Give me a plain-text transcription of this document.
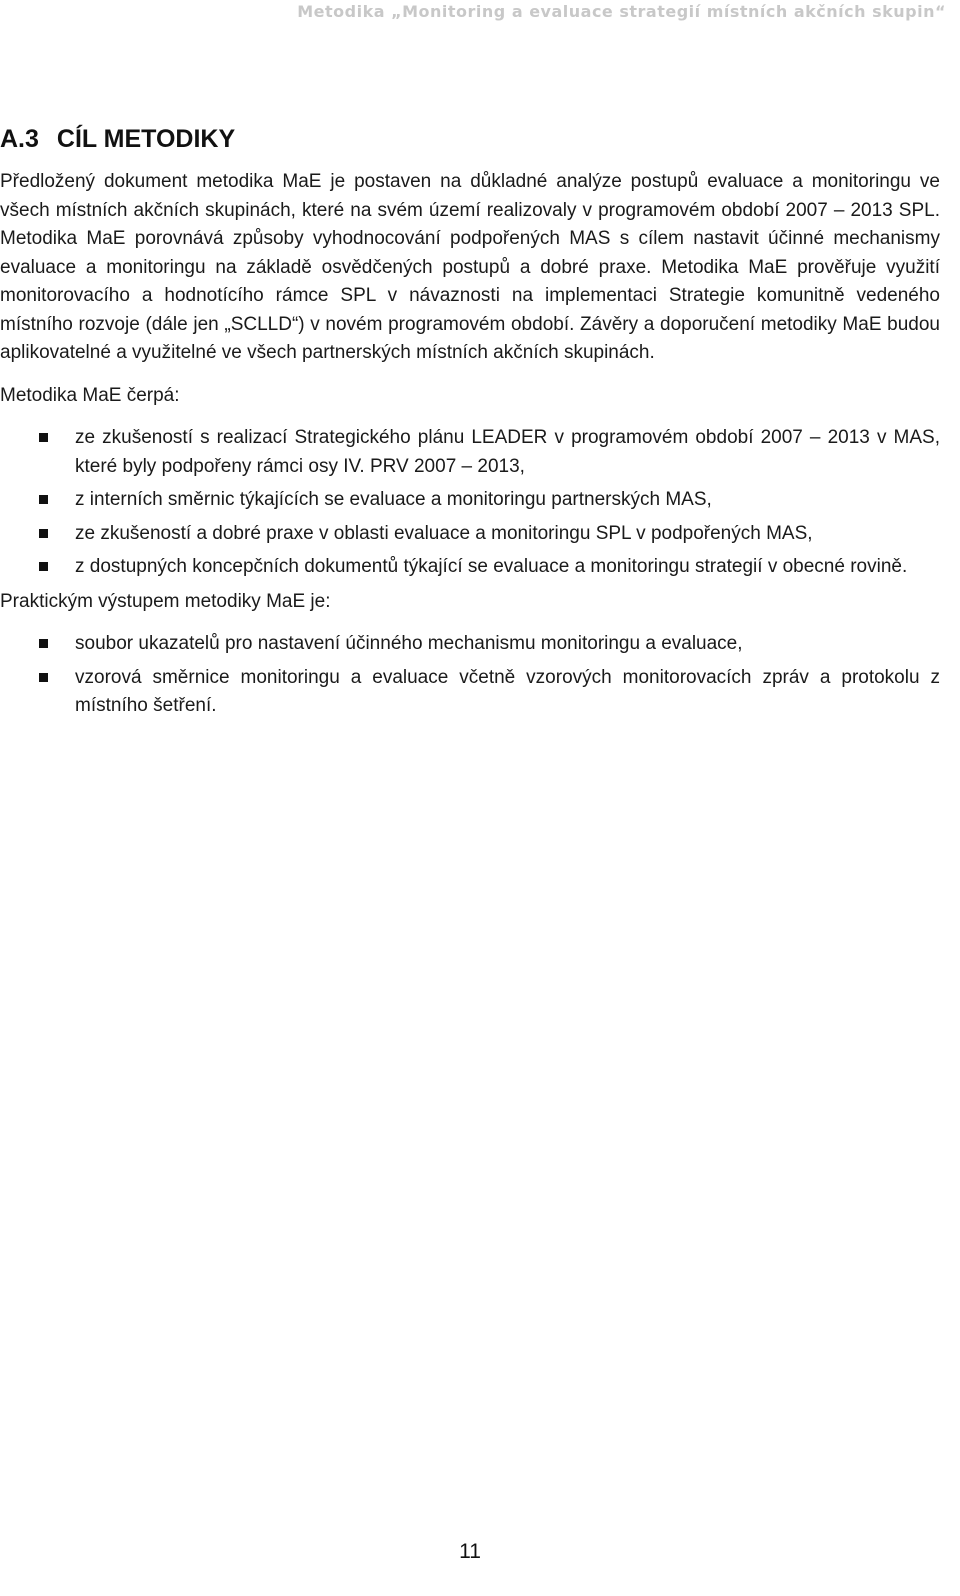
Metodika „Monitoring a evaluace strategií místních akčních skupin“
A.3 CÍL METODIKY

Předložený dokument metodika MaE je postaven na důkladné analýze postupů evaluace a monitoringu ve všech místních akčních skupinách, které na svém území realizovaly v programovém období 2007 – 2013 SPL. Metodika MaE porovnává způsoby vyhodnocování podpořených MAS s cílem nastavit účinné mechanismy evaluace a monitoringu na základě osvědčených postupů a dobré praxe. Metodika MaE prověřuje využití monitorovacího a hodnotícího rámce SPL v návaznosti na implementaci Strategie komunitně vedeného místního rozvoje (dále jen „SCLLD“) v novém programovém období. Závěry a doporučení metodiky MaE budou aplikovatelné a využitelné ve všech partnerských místních akčních skupinách.

Metodika MaE čerpá:

ze zkušeností s realizací Strategického plánu LEADER v programovém období 2007 – 2013 v MAS, které byly podpořeny rámci osy IV. PRV 2007 – 2013,
z interních směrnic týkajících se evaluace a monitoringu partnerských MAS,
ze zkušeností a dobré praxe v oblasti evaluace a monitoringu SPL v podpořených MAS,
z dostupných koncepčních dokumentů týkající se evaluace a monitoringu strategií v obecné rovině.

Praktickým výstupem metodiky MaE je:

soubor ukazatelů pro nastavení účinného mechanismu monitoringu a evaluace,
vzorová směrnice monitoringu a evaluace včetně vzorových monitorovacích zpráv a protokolu z místního šetření.
11
